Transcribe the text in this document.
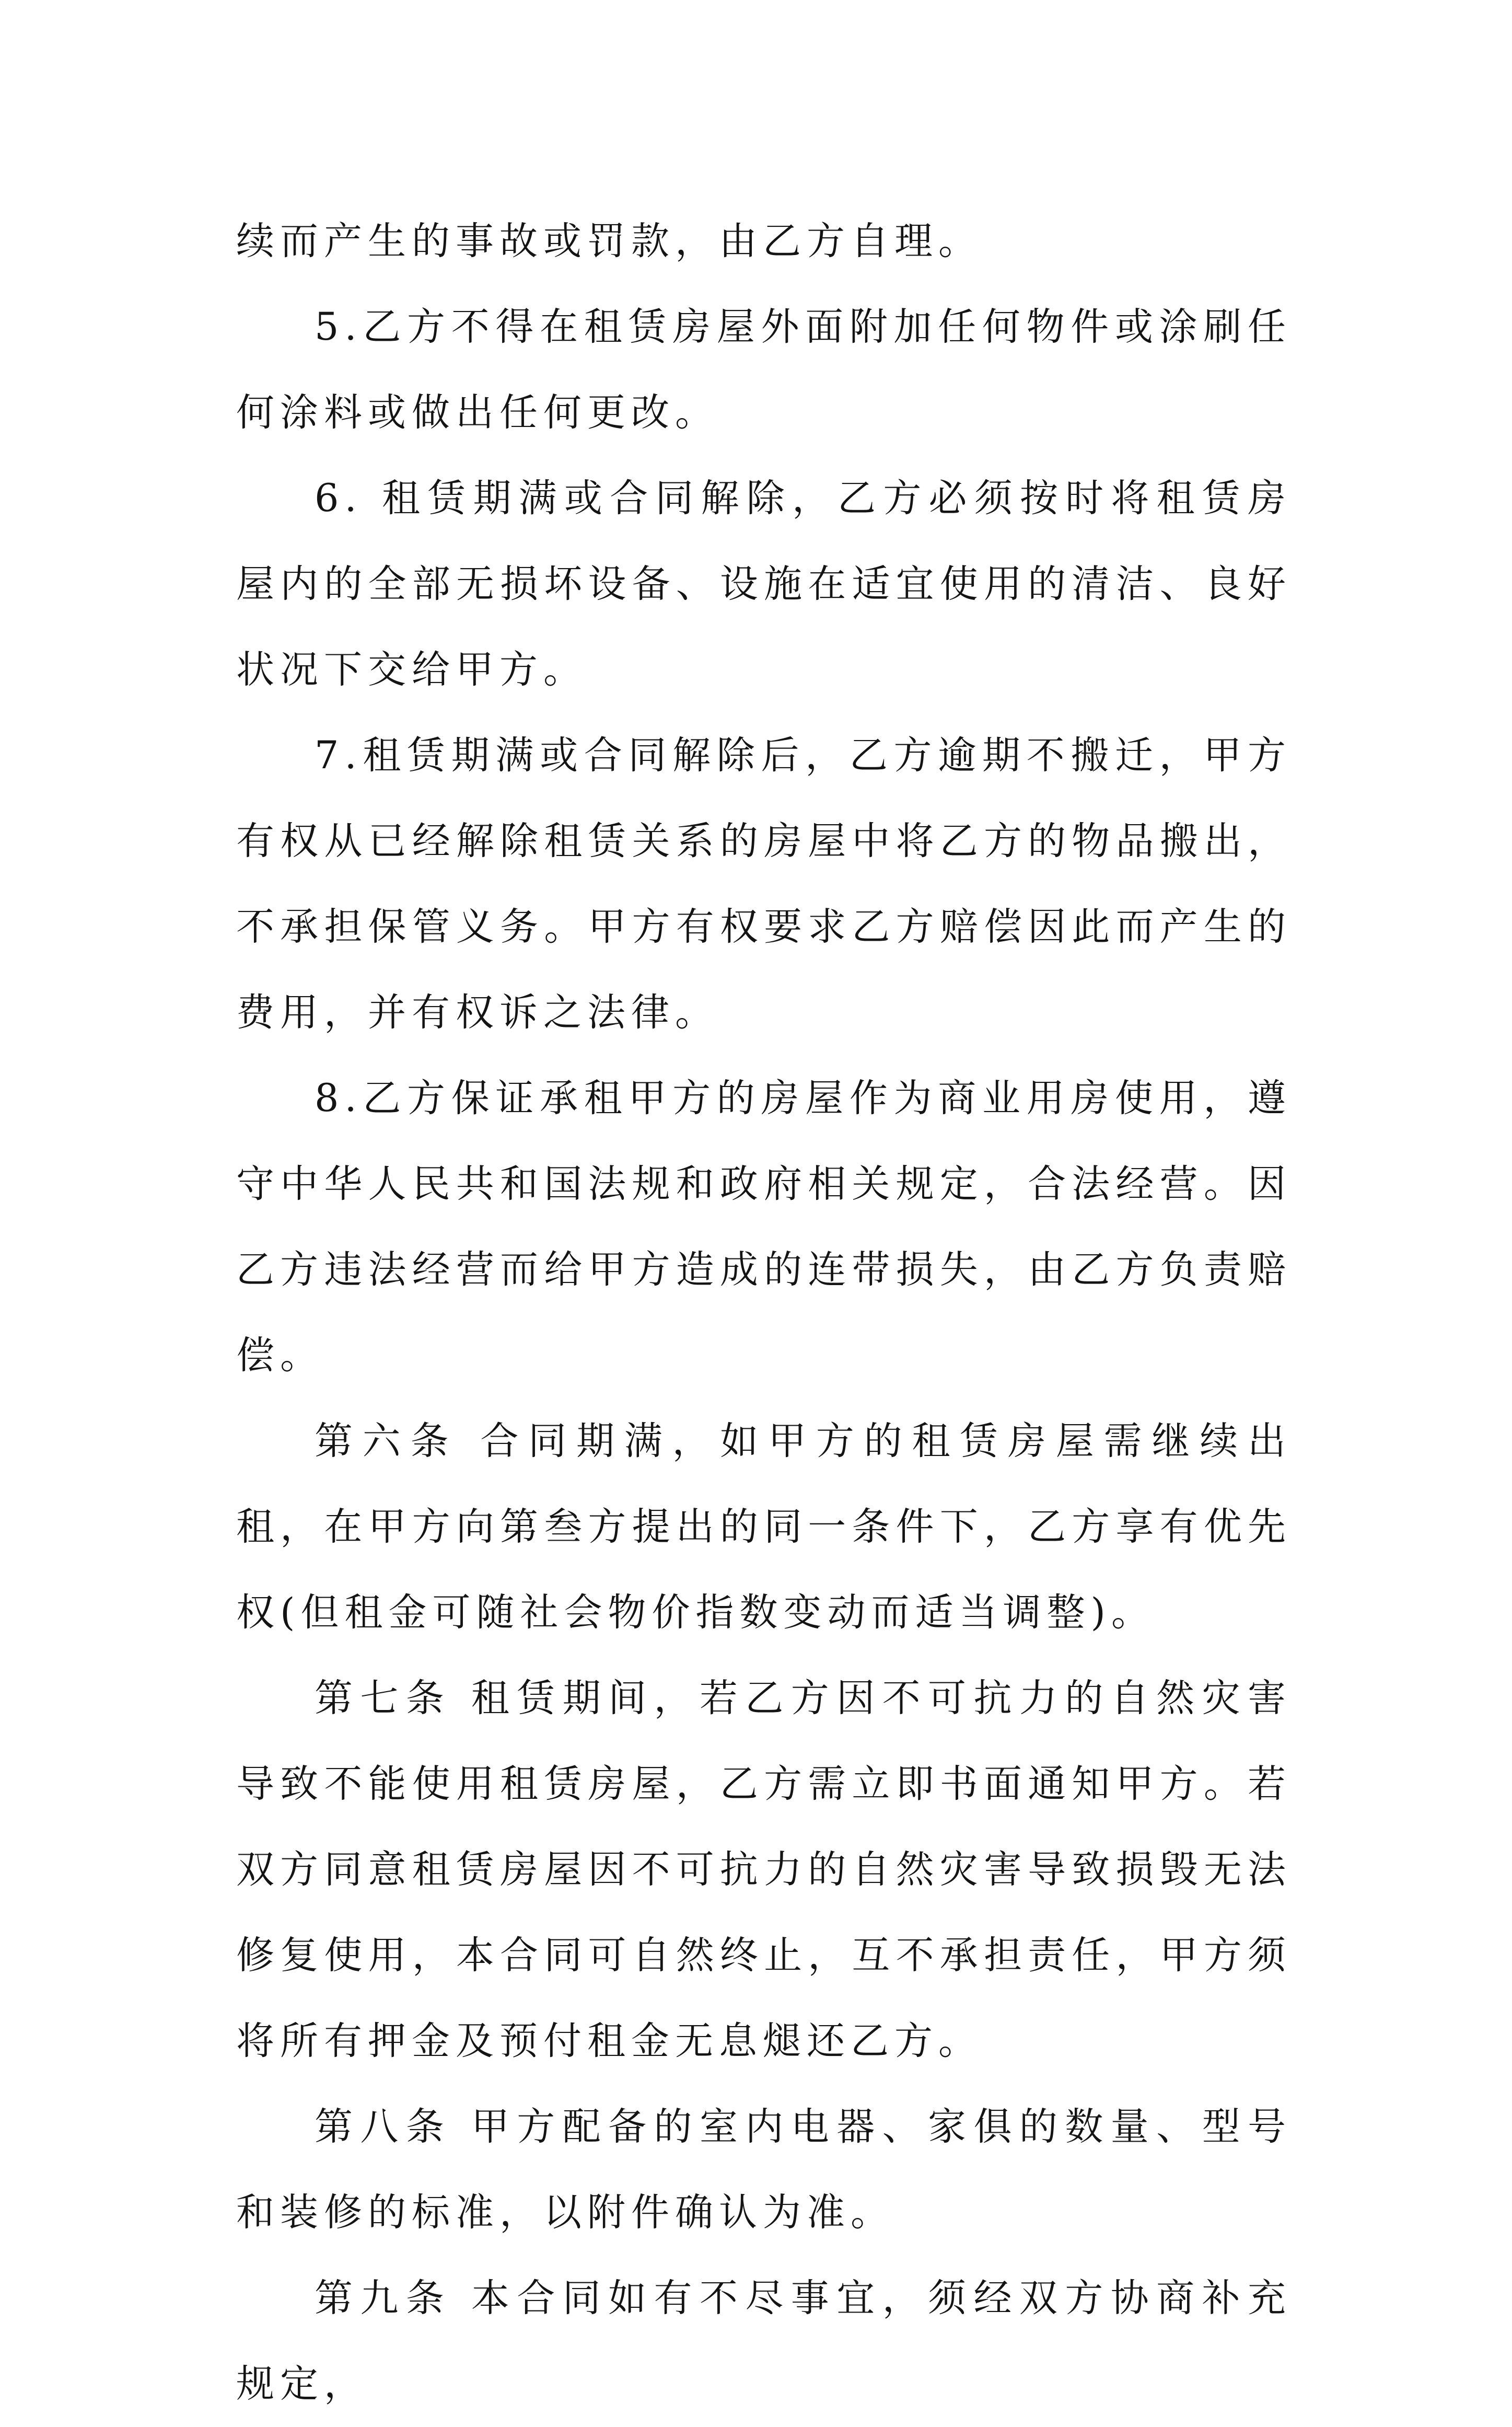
续而产生的事故或罚款，由乙方自理。

5.乙方不得在租赁房屋外面附加任何物件或涂刷任何涂料或做出任何更改。

6. 租赁期满或合同解除，乙方必须按时将租赁房屋内的全部无损坏设备、设施在适宜使用的清洁、良好状况下交给甲方。

7.租赁期满或合同解除后，乙方逾期不搬迁，甲方有权从已经解除租赁关系的房屋中将乙方的物品搬出，不承担保管义务。甲方有权要求乙方赔偿因此而产生的费用，并有权诉之法律。

8.乙方保证承租甲方的房屋作为商业用房使用，遵守中华人民共和国法规和政府相关规定，合法经营。因乙方违法经营而给甲方造成的连带损失，由乙方负责赔偿。

第六条 合同期满，如甲方的租赁房屋需继续出租，在甲方向第叁方提出的同一条件下，乙方享有优先权(但租金可随社会物价指数变动而适当调整)。

第七条 租赁期间，若乙方因不可抗力的自然灾害导致不能使用租赁房屋，乙方需立即书面通知甲方。若双方同意租赁房屋因不可抗力的自然灾害导致损毁无法修复使用，本合同可自然终止，互不承担责任，甲方须将所有押金及预付租金无息煺还乙方。

第八条 甲方配备的室内电器、家俱的数量、型号和装修的标准，以附件确认为准。

第九条 本合同如有不尽事宜，须经双方协商补充规定，
